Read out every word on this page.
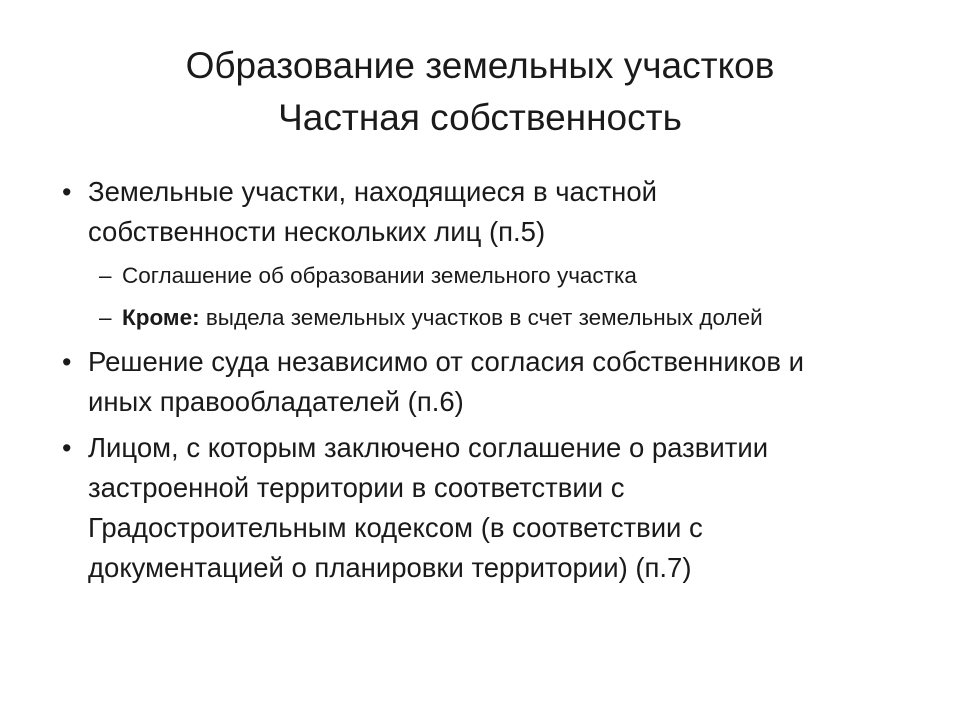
Образование земельных участков
Частная собственность
• Земельные участки, находящиеся в частной
собственности нескольких лиц (п.5)
– Соглашение об образовании земельного участка
– Кроме: выдела земельных участков в счет земельных долей
• Решение суда независимо от согласия собственников и
иных правообладателей (п.6)
• Лицом, с которым заключено соглашение о развитии
застроенной территории в соответствии с
Градостроительным кодексом (в соответствии с
документацией о планировки территории) (п.7)
